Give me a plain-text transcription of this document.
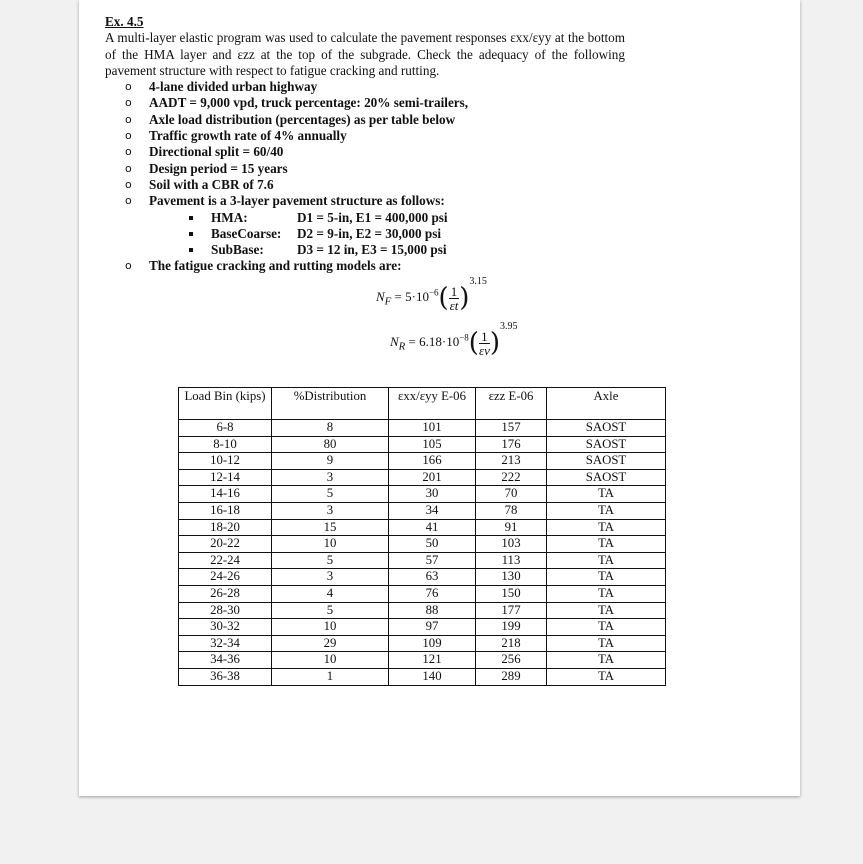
Ex. 4.5

A multi-layer elastic program was used to calculate the pavement responses εxx/εyy at the bottom of the HMA layer and εzz at the top of the subgrade. Check the adequacy of the following pavement structure with respect to fatigue cracking and rutting.

o 4-lane divided urban highway
o AADT = 9,000 vpd, truck percentage: 20% semi-trailers,
o Axle load distribution (percentages) as per table below
o Traffic growth rate of 4% annually
o Directional split = 60/40
o Design period = 15 years
o Soil with a CBR of 7.6
o Pavement is a 3-layer pavement structure as follows:
HMA:	D1 = 5-in, E1 = 400,000 psi
BaseCoarse: D2 = 9-in, E2 = 30,000 psi
SubBase:	D3 = 12 in, E3 = 15,000 psi
o The fatigue cracking and rutting models are:
$N_F = 5\cdot 10^{-6}( \frac{1}{\varepsilon t} )^{3.15}$
$N_R = 6.18\cdot 10^{-8}( \frac{1}{\varepsilon v} )^{3.95}$
Load Bin (kips)	%Distribution	εxx/εyy E-06	εzz E-06	Axle
6-8	8	101	157	SAOST
8-10	80	105	176	SAOST
10-12	9	166	213	SAOST
12-14	3	201	222	SAOST
14-16	5	30	70	TA
16-18	3	34	78	TA
18-20	15	41	91	TA
20-22	10	50	103	TA
22-24	5	57	113	TA
24-26	3	63	130	TA
26-28	4	76	150	TA
28-30	5	88	177	TA
30-32	10	97	199	TA
32-34	29	109	218	TA
34-36	10	121	256	TA
36-38	1	140	289	TA
